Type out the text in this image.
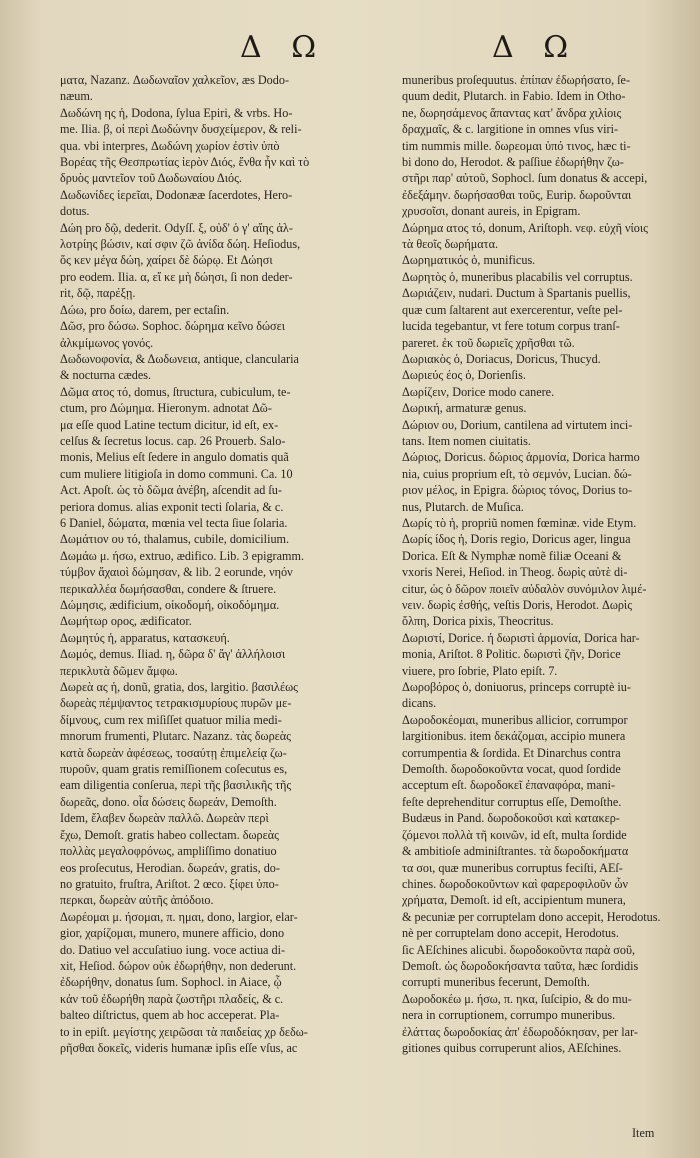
Δ Ω	Δ Ω
ματα, Nazanz. Δωδωναῖον χαλκεῖον, æs Dodo-
næum.
Δωδώνη ης ἡ, Dodona, ſylua Epiri, & vrbs. Ho-
me. Ilia. β, οἱ περὶ Δωδώνην δυσχείμερον, & reli-
qua. vbi interpres, Δωδώνη χωρίον ἐστὶν ὑπὸ
Βορέας τῆς Θεσπρωτίας ἱερὸν Διός, ἔνθα ἦν καὶ τὸ
δρυὸς μαντεῖον τοῦ Δωδωναίου Διός.
Δωδωνίδες ἱερεῖαι, Dodonææ ſacerdotes, Hero-
dotus.
Δώη pro δῷ, dederit. Odyſſ. ξ, οὐδ' ὁ γ' αἴης ἀλ-
λοτρίης βώσιν, καί σφιν ζῶ ἀνίδα δώη. Heſiodus,
ὅς κεν μέγα δώη, χαίρει δὲ δώρῳ. Et Δώησι
pro eodem. Ilia. α, εἴ κε μὴ δώησι, ſi non deder-
rit, δῷ, παρέξῃ.
Δώω, pro δοίω, darem, per ectaſin.
Δῶσ, pro δώσω. Sophoc. δώρημα κεῖνο δώσει
ἀλκμίμωνος γονός.
Δωδωνοφονία, & Δωδωνεια, antique, clancularia
& nocturna cædes.
Δῶμα ατος τό, domus, ſtructura, cubiculum, te-
ctum, pro Δώμημα. Hieronym. adnotat Δῶ-
μα eſſe quod Latine tectum dicitur, id eſt, ex-
celſus & ſecretus locus. cap. 26 Prouerb. Salo-
monis, Melius eſt ſedere in angulo domatis quã
cum muliere litigioſa in domo communi. Ca. 10
Act. Apoſt. ὡς τὸ δῶμα ἀνέβη, aſcendit ad ſu-
periora domus. alias exponit tecti ſolaria, & c.
6 Daniel, δώματα, mœnia vel tecta ſiue ſolaria.
Δωμάτιον ου τό, thalamus, cubile, domicilium.
Δωμάω μ. ήσω, extruo, ædifico. Lib. 3 epigramm.
τύμβον ἄχαιοὶ δώμησαν, & lib. 2 eorunde, νηόν
περικαλλέα δωμήσασθαι, condere & ſtruere.
Δώμησις, ædificium, οἰκοδομή, οἰκοδόμημα.
Δωμήτωρ ορος, ædificator.
Δωμητύς ἡ, apparatus, κατασκευή.
Δωμός, demus. Iliad. η, δῶρα δ' ἄγ' ἀλλήλοισι
περικλυτὰ δῶμεν ἄμφω.
Δωρεὰ ας ἡ, donũ, gratia, dos, largitio. βασιλέως
δωρεὰς πέμψαντος τετρακισμυρίους πυρῶν με-
δίμνους, cum rex miſiſſet quatuor milia medi-
mnorum frumenti, Plutarc. Nazanz. τὰς δωρεὰς
κατὰ δωρεὰν ἀφέσεως, τοσαύτῃ ἐπιμελείᾳ ζω-
πυροῦν, quam gratis remiſſionem coſecutus es,
eam diligentia conſerua, περὶ τῆς βασιλικῆς τῆς
δωρεᾶς, dono. οἷα δώσεις δωρεάν, Demoſth.
Idem, ἔλαβεν δωρεὰν παλλῶ. Δωρεὰν περὶ
ἔχω, Demoſt. gratis habeo collectam. δωρεὰς
πολλὰς μεγαλοφρόνως, ampliſſimo donatiuo
eos proſecutus, Herodian. δωρεάν, gratis, do-
no gratuito, fruſtra, Ariſtot. 2 œco. ξίφει ὑπο-
περκαι, δωρεὰν αὐτῆς ἀπόδοιο.
Δωρέομαι μ. ήσομαι, π. ημαι, dono, largior, elar-
gior, χαρίζομαι, munero, munere afficio, dono
do. Datiuo vel accuſatiuo iung. voce actiua di-
xit, Heſiod. δώρον οὐκ ἐδωρήθην, non dederunt.
ἐδωρήθην, donatus ſum. Sophocl. in Aiace, ᾧ
κἀν τοῦ ἐδωρήθη παρὰ ζωστῆρι πλαδείς, & c.
balteo diſtrictus, quem ab hoc acceperat. Pla-
to in epiſt. μεγίστης χειρῶσαι τὰ παιδείας χρ δεδω-
ρῆσθαι δοκεῖς, videris humanæ ipſis eſſe vſus, ac
muneribus proſequutus. ἐπίπαν ἐδωρήσατο, ſe-
quum dedit, Plutarch. in Fabio. Idem in Otho-
ne, δωρησάμενος ἅπαντας κατ' ἄνδρα χιλίοις
δραχμαῖς, & c. largitione in omnes vſus viri-
tim nummis mille. δωρεομαι ὑπό τινος, hæc ti-
bi dono do, Herodot. & paſſiue ἐδωρήθην ζω-
στῆρι παρ' αὐτοῦ, Sophocl. ſum donatus & accepi,
ἐδεξάμην. δωρήσασθαι τοῦς, Eurip. δωροῦνται
χρυσοῖσι, donant aureis, in Epigram.
Δώρημα ατος τό, donum, Ariſtoph. νεφ. εὐχῆ νίοις
τὰ θεοῖς δωρήματα.
Δωρηματικός ὁ, munificus.
Δωρητὸς ὁ, muneribus placabilis vel corruptus.
Δωριάζειν, nudari. Ductum à Spartanis puellis,
quæ cum ſaltarent aut exercerentur, veſte pel-
lucida tegebantur, vt fere totum corpus tranſ-
pareret. ἐκ τοῦ δωριεῖς χρῆσθαι τῶ.
Δωριακὸς ὁ, Doriacus, Doricus, Thucyd.
Δωριεύς έος ὁ, Dorienſis.
Δωρίζειν, Dorice modo canere.
Δωρική, armaturæ genus.
Δώριον ου, Dorium, cantilena ad virtutem inci-
tans. Item nomen ciuitatis.
Δώριος, Doricus. δώριος ἁρμονία, Dorica harmo
nia, cuius proprium eſt, τὸ σεμνόν, Lucian. δώ-
ριον μέλος, in Epigra. δώριος τόνος, Dorius to-
nus, Plutarch. de Muſica.
Δωρίς τὸ ἡ, propriũ nomen fœminæ. vide Etym.
Δωρίς ίδος ἡ, Doris regio, Doricus ager, lingua
Dorica. Eſt & Nymphæ nomẽ filiæ Oceani &
vxoris Nerei, Heſiod. in Theog. δωρὶς αὐτὲ di-
citur, ὡς ὁ δῶρον ποιεῖν αὐδαλὸν συνόμιλον λιμέ-
νειν. δωρὶς ἐσθής, veſtis Doris, Herodot. Δωρὶς
ὄλπη, Dorica pixis, Theocritus.
Δωριστί, Dorice. ἡ δωριστὶ ἁρμονία, Dorica har-
monia, Ariſtot. 8 Politic. δωριστὶ ζῆν, Dorice
viuere, pro ſobrie, Plato epiſt. 7.
Δωροβόρος ὁ, doniuorus, princeps corruptè iu-
dicans.
Δωροδοκέομαι, muneribus allicior, corrumpor
largitionibus. item δεκάζομαι, accipio munera
corrumpentia & ſordida. Et Dinarchus contra
Demoſth. δωροδοκοῦντα vocat, quod ſordide
acceptum eſt. δωροδοκεῖ ἐπαναφόρα, mani-
feſte deprehenditur corruptus eſſe, Demoſthe.
Budæus in Pand. δωροδοκοῦσι καὶ κατακερ-
ζόμενοι πολλὰ τῆ κοινῶν, id eſt, multa ſordide
& ambitioſe adminiſtrantes. τὰ δωροδοκήματα
τα σοι, quæ muneribus corruptus feciſti, AEſ-
chines. δωροδοκοῦντων καὶ φαρεροφιλοῦν ὧν
χρήματα, Demoſt. id eſt, accipientum munera,
& pecuniæ per corruptelam dono accepit, Herodotus.
nè per corruptelam dono accepit, Herodotus.
ſic AEſchines alicubi. δωροδοκοῦντα παρὰ σοῦ,
Demoſt. ὡς δωροδοκήσαντα ταῦτα, hæc ſordidis
corrupti muneribus fecerunt, Demoſth.
Δωροδοκέω μ. ήσω, π. ηκα, ſuſcipio, & do mu-
nera in corruptionem, corrumpo muneribus.
ἐλάττας δωροδοκίας ἀπ' ἐδωροδόκησαν, per lar-
gitiones quibus corruperunt alios, AEſchines.
Item
